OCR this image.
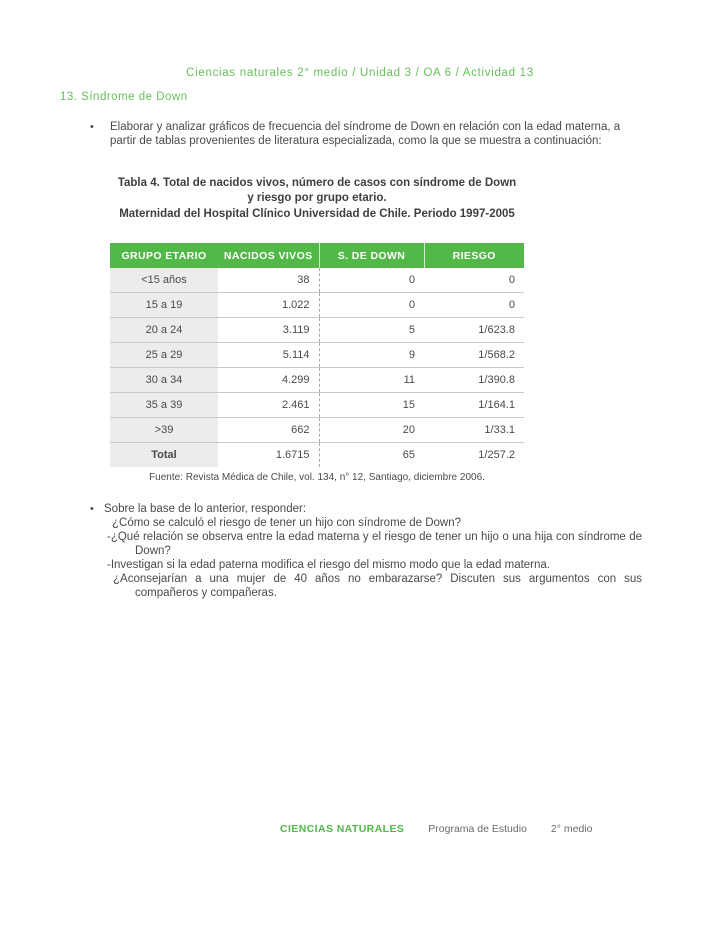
Ciencias naturales 2° medio / Unidad 3 / OA 6 / Actividad 13
13. Síndrome de Down
• Elaborar y analizar gráficos de frecuencia del síndrome de Down en relación con la edad materna, a partir de tablas provenientes de literatura especializada, como la que se muestra a continuación:
Tabla 4. Total de nacidos vivos, número de casos con síndrome de Down
y riesgo por grupo etario.
Maternidad del Hospital Clínico Universidad de Chile. Periodo 1997-2005
GRUPO ETARIO	NACIDOS VIVOS	S. DE DOWN	RIESGO
<15 años	38	0	0
15 a 19	1.022	0	0
20 a 24	3.119	5	1/623.8
25 a 29	5.114	9	1/568.2
30 a 34	4.299	11	1/390.8
35 a 39	2.461	15	1/164.1
>39	662	20	1/33.1
Total	1.6715	65	1/257.2
Fuente: Revista Médica de Chile, vol. 134, n° 12, Santiago, diciembre 2006.
• Sobre la base de lo anterior, responder:
¿Cómo se calculó el riesgo de tener un hijo con síndrome de Down?
-¿Qué relación se observa entre la edad materna y el riesgo de tener un hijo o una hija con síndrome de Down?
-Investigan si la edad paterna modifica el riesgo del mismo modo que la edad materna.
¿Aconsejarían a una mujer de 40 años no embarazarse? Discuten sus argumentos con sus compañeros y compañeras.
CIENCIAS NATURALES Programa de Estudio 2° medio
